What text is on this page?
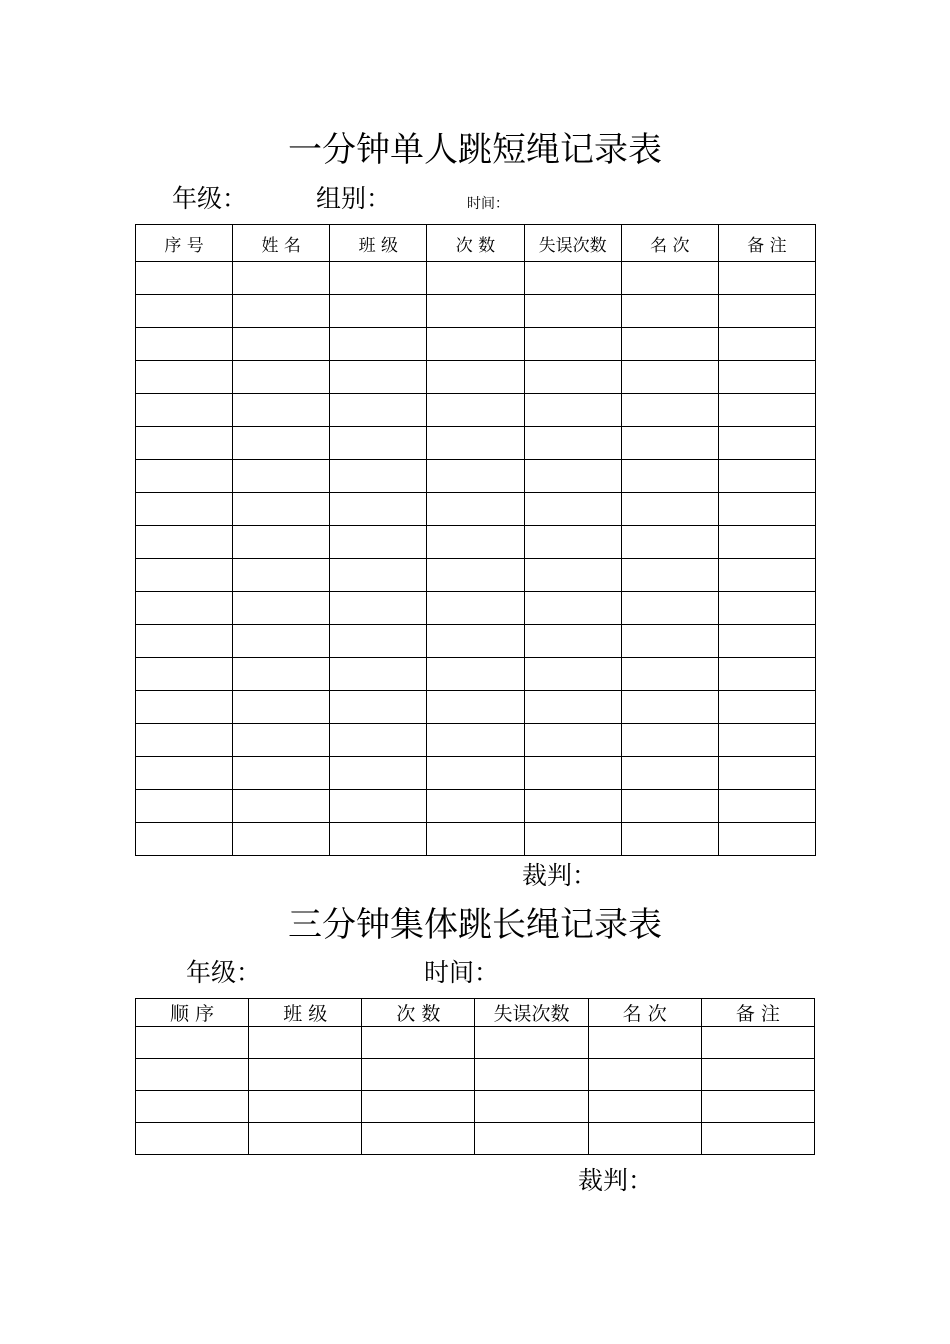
一分钟单人跳短绳记录表
年级：	组别：	时间：
序 号	姓 名	班 级	次 数	失误次数	名 次	备 注

裁判：
三分钟集体跳长绳记录表
年级：	时间：
顺 序	班 级	次 数	失误次数	名 次	备 注

裁判：
